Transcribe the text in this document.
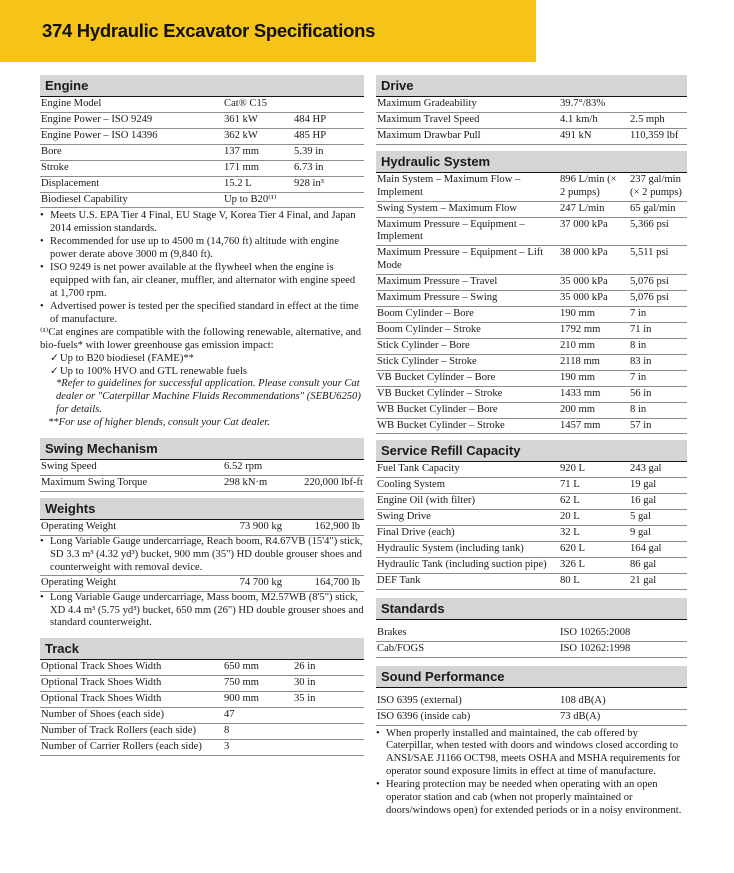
374 Hydraulic Excavator Specifications
Engine
Engine Model	Cat® C15	
Engine Power – ISO 9249	361 kW	484 HP
Engine Power – ISO 14396	362 kW	485 HP
Bore	137 mm	5.39 in
Stroke	171 mm	6.73 in
Displacement	15.2 L	928 in³
Biodiesel Capability	Up to B20⁽¹⁾	
• Meets U.S. EPA Tier 4 Final, EU Stage V, Korea Tier 4 Final, and Japan 2014 emission standards.
• Recommended for use up to 4500 m (14,760 ft) altitude with engine power derate above 3000 m (9,840 ft).
• ISO 9249 is net power available at the flywheel when the engine is equipped with fan, air cleaner, muffler, and alternator with engine speed at 1,700 rpm.
• Advertised power is tested per the specified standard in effect at the time of manufacture.
⁽¹⁾Cat engines are compatible with the following renewable, alternative, and bio-fuels* with lower greenhouse gas emission impact:
✓ Up to B20 biodiesel (FAME)**
✓ Up to 100% HVO and GTL renewable fuels
*Refer to guidelines for successful application. Please consult your Cat dealer or "Caterpillar Machine Fluids Recommendations" (SEBU6250) for details.
**For use of higher blends, consult your Cat dealer.
Swing Mechanism
Swing Speed	6.52 rpm	
Maximum Swing Torque	298 kN·m	220,000 lbf-ft
Weights
Operating Weight	73 900 kg	162,900 lb
• Long Variable Gauge undercarriage, Reach boom, R4.67VB (15'4") stick, SD 3.3 m³ (4.32 yd³) bucket, 900 mm (35") HD double grouser shoes and counterweight with removal device.
Operating Weight	74 700 kg	164,700 lb
• Long Variable Gauge undercarriage, Mass boom, M2.57WB (8'5") stick, XD 4.4 m³ (5.75 yd³) bucket, 650 mm (26") HD double grouser shoes and standard counterweight.
Track
Optional Track Shoes Width	650 mm	26 in
Optional Track Shoes Width	750 mm	30 in
Optional Track Shoes Width	900 mm	35 in
Number of Shoes (each side)	47	
Number of Track Rollers (each side)	8	
Number of Carrier Rollers (each side)	3	
Drive
Maximum Gradeability	39.7°/83%	
Maximum Travel Speed	4.1 km/h	2.5 mph
Maximum Drawbar Pull	491 kN	110,359 lbf
Hydraulic System
Main System – Maximum Flow – Implement	896 L/min (× 2 pumps)	237 gal/min (× 2 pumps)
Swing System – Maximum Flow	247 L/min	65 gal/min
Maximum Pressure – Equipment – Implement	37 000 kPa	5,366 psi
Maximum Pressure – Equipment – Lift Mode	38 000 kPa	5,511 psi
Maximum Pressure – Travel	35 000 kPa	5,076 psi
Maximum Pressure – Swing	35 000 kPa	5,076 psi
Boom Cylinder – Bore	190 mm	7 in
Boom Cylinder – Stroke	1792 mm	71 in
Stick Cylinder – Bore	210 mm	8 in
Stick Cylinder – Stroke	2118 mm	83 in
VB Bucket Cylinder – Bore	190 mm	7 in
VB Bucket Cylinder – Stroke	1433 mm	56 in
WB Bucket Cylinder – Bore	200 mm	8 in
WB Bucket Cylinder – Stroke	1457 mm	57 in
Service Refill Capacity
Fuel Tank Capacity	920 L	243 gal
Cooling System	71 L	19 gal
Engine Oil (with filter)	62 L	16 gal
Swing Drive	20 L	5 gal
Final Drive (each)	32 L	9 gal
Hydraulic System (including tank)	620 L	164 gal
Hydraulic Tank (including suction pipe)	326 L	86 gal
DEF Tank	80 L	21 gal
Standards
Brakes	ISO 10265:2008
Cab/FOGS	ISO 10262:1998
Sound Performance
ISO 6395 (external)	108 dB(A)
ISO 6396 (inside cab)	73 dB(A)
• When properly installed and maintained, the cab offered by Caterpillar, when tested with doors and windows closed according to ANSI/SAE J1166 OCT98, meets OSHA and MSHA requirements for operator sound exposure limits in effect at time of manufacture.
• Hearing protection may be needed when operating with an open operator station and cab (when not properly maintained or doors/windows open) for extended periods or in a noisy environment.
